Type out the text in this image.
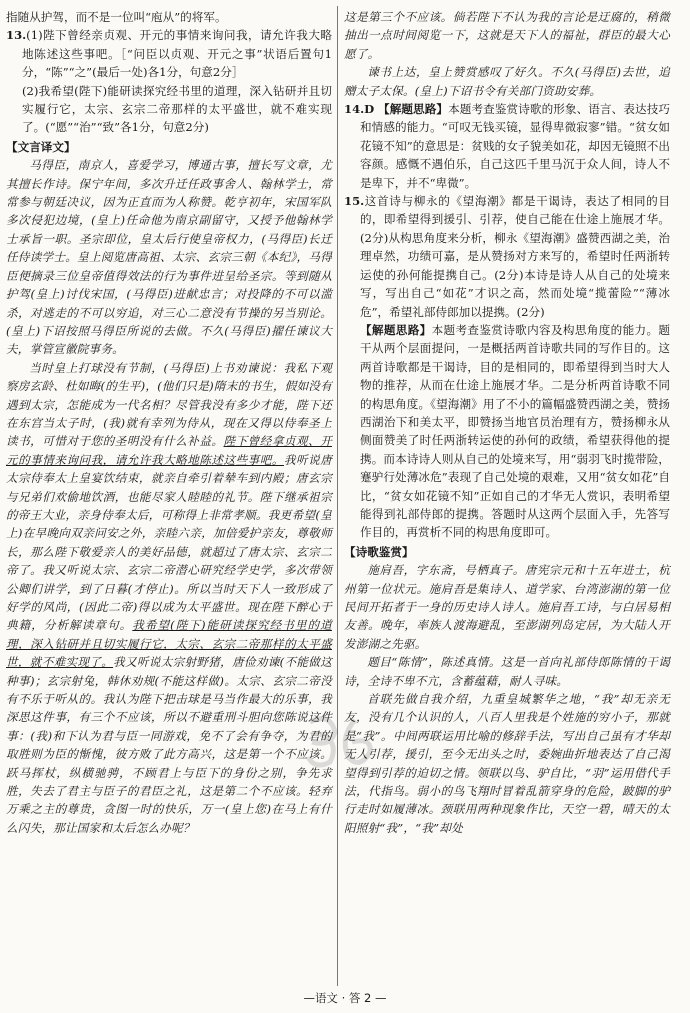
指随从护驾，而不是一位叫“庖从”的将军。

13.(1)陛下曾经亲贞观、开元的事情来询问我，请允许我大略地陈述这些事吧。［“问臣以贞观、开元之事”状语后置句1分，“陈”“之”(最后一处)各1分，句意2分］

(2)我希望(陛下)能研读探究经书里的道理，深入钻研并且切实履行它，太宗、玄宗二帝那样的太平盛世，就不难实现了。(“愿”“治”“致”各1分，句意2分)

【文言译文】

马得臣，南京人，喜爱学习，博通古事，擅长写文章，尤其擅长作诗。保宁年间，多次升迁任政事舍人、翰林学士，常常参与朝廷决议，因为正直而为人称赞。乾亨初年，宋国军队多次侵犯边境，(皇上)任命他为南京副留守，又授予他翰林学士承旨一职。圣宗即位，皇太后行使皇帝权力，(马得臣)长迁任侍读学士。皇上阅览唐高祖、太宗、玄宗三朝《本纪》，马得臣便摘录三位皇帝值得效法的行为事件进呈给圣宗。等到随从护驾(皇上)讨伐宋国，(马得臣)进献忠言；对投降的不可以滥杀，对逃走的不可以穷追，对三心二意没有节操的另当别论。(皇上)下诏按照马得臣所说的去做。不久(马得臣)擢任谏议大夫，掌管宣徽院事务。

当时皇上打球没有节制，(马得臣)上书劝谏说：我私下观察房玄龄、杜如晦(的生平)，(他们只是)隋末的书生，假如没有遇到太宗，怎能成为一代名相？尽管我没有多少才能，陛下还在东宫当太子时，(我)就有幸列为侍从，现在又得以侍奉圣上读书，可惜对于您的圣明没有什么补益。陛下曾经拿贞观、开元的事情来询问我，请允许我大略地陈述这些事吧。我听说唐太宗侍奉太上皇宴饮结束，就亲自牵引着辇车到内殿；唐玄宗与兄弟们欢偷地饮酒，也能尽家人睦睦的礼节。陛下继承祖宗的帝王大业，亲身侍奉太后，可称得上非常孝顺。我更希望(皇上)在早晚向双亲问安之外，亲睦六亲，加倍爱护亲友，尊敬师长，那么陛下敬爱亲人的美好品德，就超过了唐太宗、玄宗二帝了。我又听说太宗、玄宗二帝潜心研究经学史学，多次带领公卿们讲学，到了日暮(才停止)。所以当时天下人一致形成了好学的风尚，(因此二帝)得以成为太平盛世。现在陛下醉心于典籍，分析解读章句。我希望(陛下)能研读探究经书里的道理，深入钻研并且切实履行它，太宗、玄宗二帝那样的太平盛世，就不难实现了。我又听说太宗射野猪，唐俭劝谏(不能做这种事)；玄宗射兔，韩休劝规(不能这样做)。太宗、玄宗二帝没有不乐于听从的。我认为陛下把击球是马当作最大的乐事，我深思这件事，有三个不应该，所以不避重刑斗胆向您陈说这件事：(我)和下认为君与臣一同游戏，免不了会有争夺，为君的取胜则为臣的惭愧，彼方败了此方高兴，这是第一个不应该。跃马挥杖，纵横驰骋，不顾君上与臣下的身份之别，争先求胜，失去了君主与臣子的君臣之礼，这是第二个不应该。轻弃万乘之主的尊贵，贪图一时的快乐，万一(皇上您)在马上有什么闪失，那让国家和太后怎么办呢？

这是第三个不应该。倘若陛下不认为我的言论是迂腐的，稍微抽出一点时间阅览一下，这就是天下人的福祉，群臣的最大心愿了。

谏书上达，皇上赞赏感叹了好久。不久(马得臣)去世，追赠太子太保。(皇上)下诏书令有关部门资助安葬。

14.D 【解题思路】本题考查鉴赏诗歌的形象、语言、表达技巧和情感的能力。“可叹无钱买镜，显得卑微寂寥”错。“贫女如花镜不知”的意思是：贫贱的女子貌美如花，却因无镜照不出容颜。感慨不遇伯乐，自己这匹千里马沉于众人间，诗人不是卑下，并不“卑微”。
15.这首诗与柳永的《望海潮》都是干谒诗，表达了相同的目的，即希望得到援引、引荐，使自己能在仕途上施展才华。(2分)从构思角度来分析，柳永《望海潮》盛赞西湖之美，治理卓然，功绩可嘉，是从赞扬对方来写的，希望时任两浙转运使的孙何能提携自己。(2分)本诗是诗人从自己的处境来写，写出自己“如花”才识之高，然而处境“揽蕾险”“薄冰危”，希望礼部侍郎加以提携。(2分)

【解题思路】本题考查鉴赏诗歌内容及构思角度的能力。题干从两个层面提问，一是概括两首诗歌共同的写作目的。这两首诗歌都是干谒诗，目的是相同的，即希望得到当时大人物的推荐，从而在仕途上施展才华。二是分析两首诗歌不同的构思角度。《望海潮》用了不小的篇幅盛赞西湖之美，赞扬西湖治下和美太平，即赞扬当地官员治理有方，赞扬柳永从侧面赞美了时任两浙转运使的孙何的政绩，希望获得他的提携。而本诗诗人则从自己的处境来写，用“弱羽飞时揽带险，蹇驴行处薄冰危”表现了自己处境的艰难，又用“贫女如花”自比，“贫女如花镜不知”正如自己的才华无人赏识，表明希望能得到礼部侍郎的提携。答题时从这两个层面入手，先答写作目的，再赏析不同的构思角度即可。

【诗歌鉴赏】

施肩吾，字东斋，号栖真子。唐宪宗元和十五年进士，杭州第一位状元。施肩吾是集诗人、道学家、台湾澎湖的第一位民间开拓者于一身的历史诗人诗人。施肩吾工诗，与白居易相友善。晚年，率族人渡海避乱，至澎湖列岛定居，为大陆人开发澎湖之先驱。

题目“陈情”，陈述真情。这是一首向礼部侍郎陈情的干谒诗，全诗不卑不亢，含蓄蕴藉，耐人寻味。

首联先做自我介绍，九重皇城繁华之地，“我”却无亲无友，没有几个认识的人，八百人里我是个姓施的穷小子，那就是“我”。中间两联运用比喻的修辞手法，写出自己虽有才华却无人引荐，援引，至今无出头之时，委婉曲折地表达了自己渴望得到引荐的迫切之情。领联以鸟、驴自比，“羽”运用借代手法，代指鸟。弱小的鸟飞翔时冒着乱箭穿身的危险，跛脚的驴行走时如履薄冰。颈联用两种现象作比，天空一碧，晴天的太阳照射“我”，“我”却处

—语文 · 答 2 —
